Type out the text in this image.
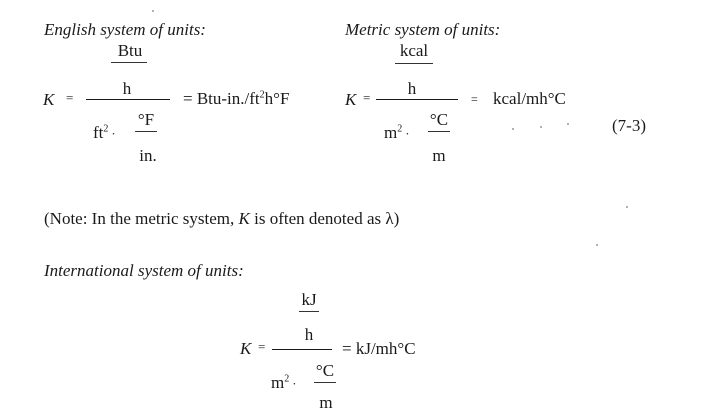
English system of units:
Btu
h
K =	= Btu-$in./ft^2h^\circ F$
$ft^2$ ·
°F
in.
Metric system of units:
kcal
h
K =	= kcal/mh°C
(7-3)
$m^2$ ·
°C
m
(Note: In the metric system, K is often denoted as λ)
International system of units:
kJ
h
K =	= kJ/mh°C
$m^2$ ·
°C
m
